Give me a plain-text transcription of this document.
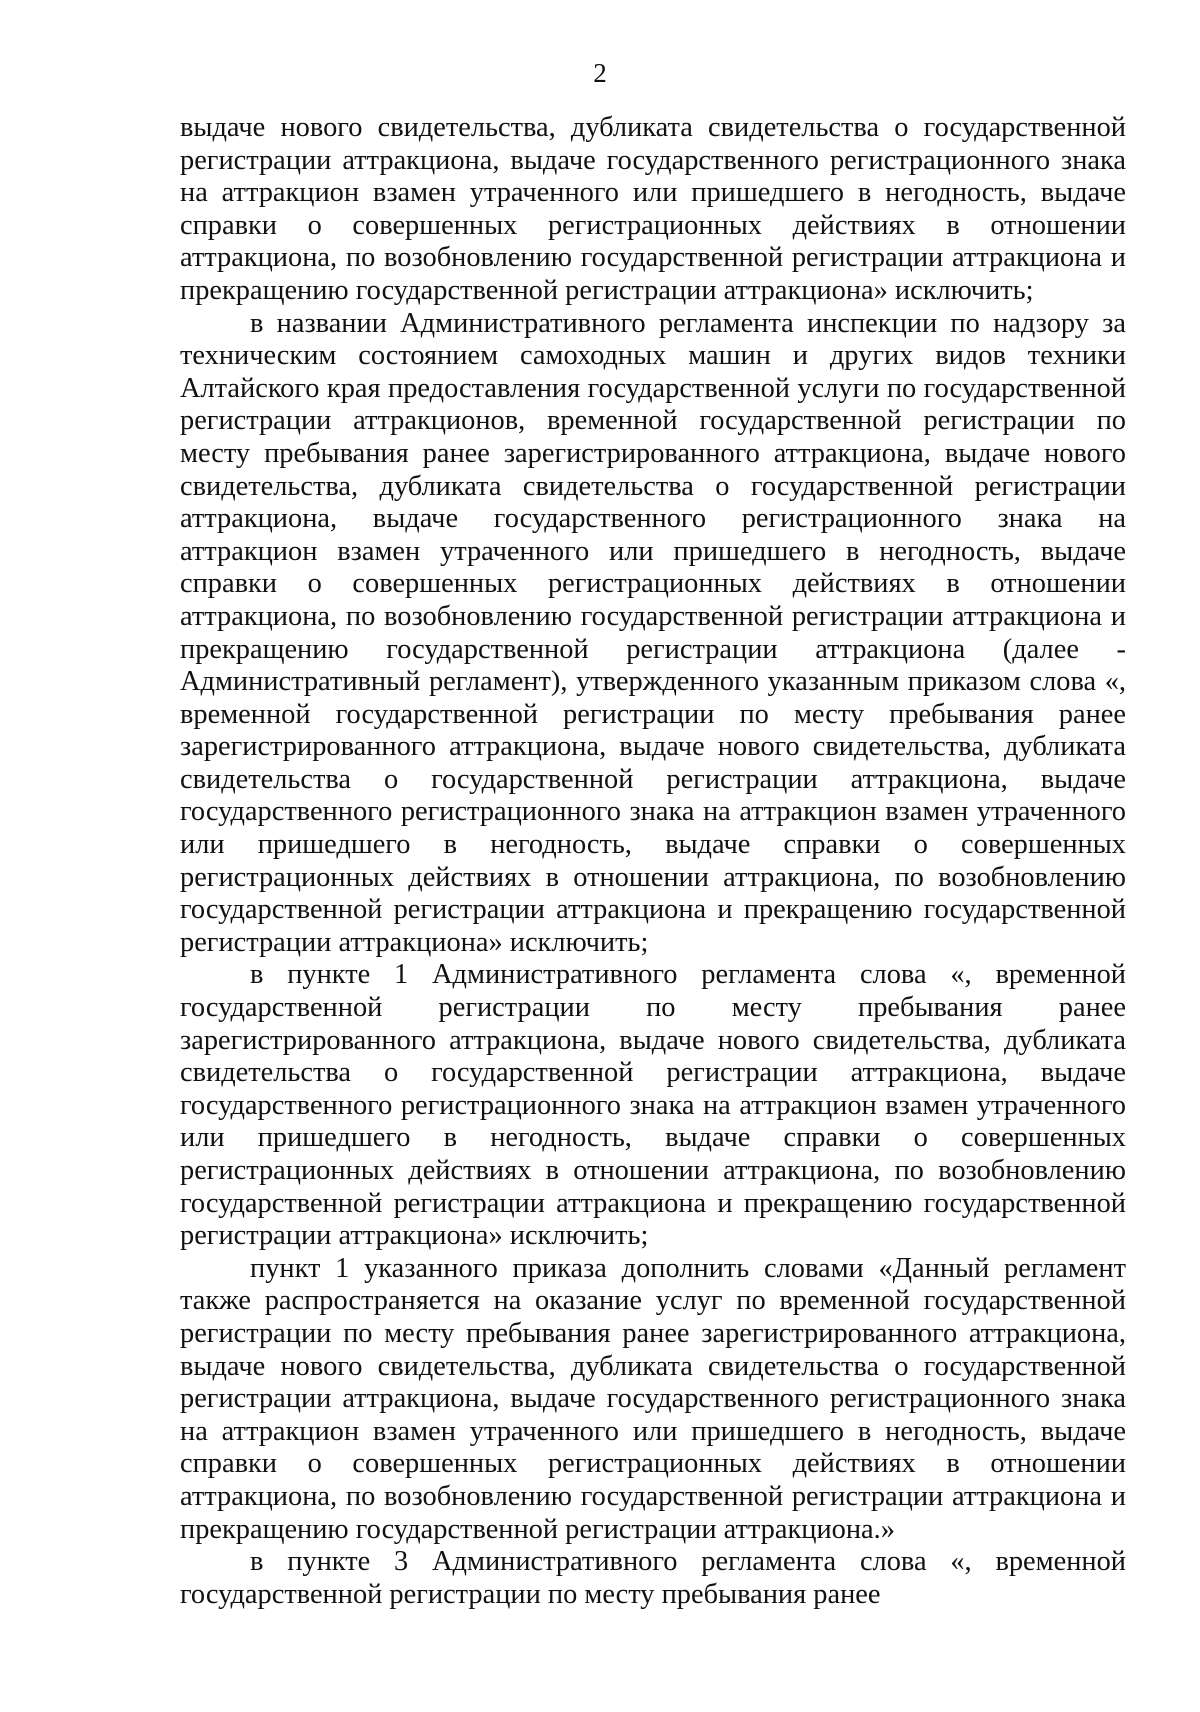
2

выдаче нового свидетельства, дубликата свидетельства о государственной регистрации аттракциона, выдаче государственного регистрационного знака на аттракцион взамен утраченного или пришедшего в негодность, выдаче справки о совершенных регистрационных действиях в отношении аттракциона, по возобновлению государственной регистрации аттракциона и прекращению государственной регистрации аттракциона» исключить;

в названии Административного регламента инспекции по надзору за техническим состоянием самоходных машин и других видов техники Алтайского края предоставления государственной услуги по государственной регистрации аттракционов, временной государственной регистрации по месту пребывания ранее зарегистрированного аттракциона, выдаче нового свидетельства, дубликата свидетельства о государственной регистрации аттракциона, выдаче государственного регистрационного знака на аттракцион взамен утраченного или пришедшего в негодность, выдаче справки о совершенных регистрационных действиях в отношении аттракциона, по возобновлению государственной регистрации аттракциона и прекращению государственной регистрации аттракциона (далее - Административный регламент), утвержденного указанным приказом слова «, временной государственной регистрации по месту пребывания ранее зарегистрированного аттракциона, выдаче нового свидетельства, дубликата свидетельства о государственной регистрации аттракциона, выдаче государственного регистрационного знака на аттракцион взамен утраченного или пришедшего в негодность, выдаче справки о совершенных регистрационных действиях в отношении аттракциона, по возобновлению государственной регистрации аттракциона и прекращению государственной регистрации аттракциона» исключить;

в пункте 1 Административного регламента слова «, временной государственной регистрации по месту пребывания ранее зарегистрированного аттракциона, выдаче нового свидетельства, дубликата свидетельства о государственной регистрации аттракциона, выдаче государственного регистрационного знака на аттракцион взамен утраченного или пришедшего в негодность, выдаче справки о совершенных регистрационных действиях в отношении аттракциона, по возобновлению государственной регистрации аттракциона и прекращению государственной регистрации аттракциона» исключить;

пункт 1 указанного приказа дополнить словами «Данный регламент также распространяется на оказание услуг по временной государственной регистрации по месту пребывания ранее зарегистрированного аттракциона, выдаче нового свидетельства, дубликата свидетельства о государственной регистрации аттракциона, выдаче государственного регистрационного знака на аттракцион взамен утраченного или пришедшего в негодность, выдаче справки о совершенных регистрационных действиях в отношении аттракциона, по возобновлению государственной регистрации аттракциона и прекращению государственной регистрации аттракциона.»

в пункте 3 Административного регламента слова «, временной государственной регистрации по месту пребывания ранее
